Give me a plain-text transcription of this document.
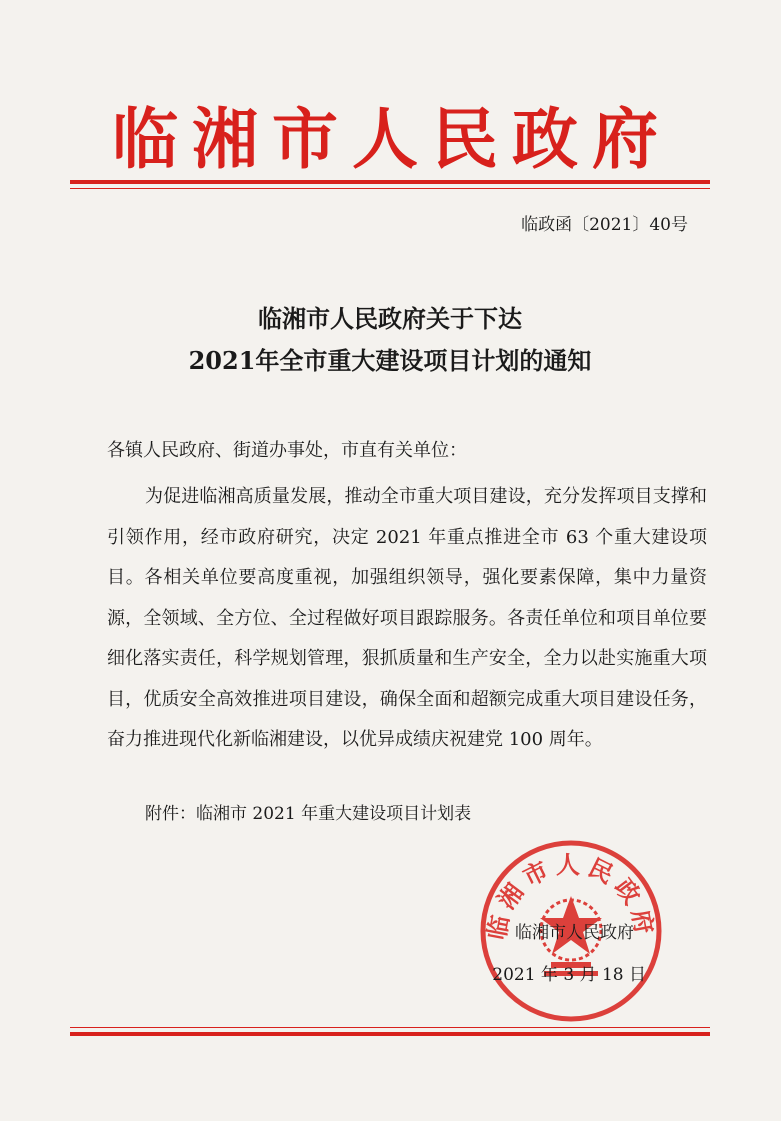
临湘市人民政府
临政函〔2021〕40号
临湘市人民政府关于下达
2021年全市重大建设项目计划的通知
各镇人民政府、街道办事处，市直有关单位：
为促进临湘高质量发展，推动全市重大项目建设，充分发挥项目支撑和引领作用，经市政府研究，决定 2021 年重点推进全市 63 个重大建设项目。各相关单位要高度重视，加强组织领导，强化要素保障，集中力量资源，全领域、全方位、全过程做好项目跟踪服务。各责任单位和项目单位要细化落实责任，科学规划管理，狠抓质量和生产安全，全力以赴实施重大项目，优质安全高效推进项目建设，确保全面和超额完成重大项目建设任务，奋力推进现代化新临湘建设，以优异成绩庆祝建党 100 周年。
附件：临湘市 2021 年重大建设项目计划表
临湘市人民政府
临湘市人民政府
2021 年 3 月 18 日
